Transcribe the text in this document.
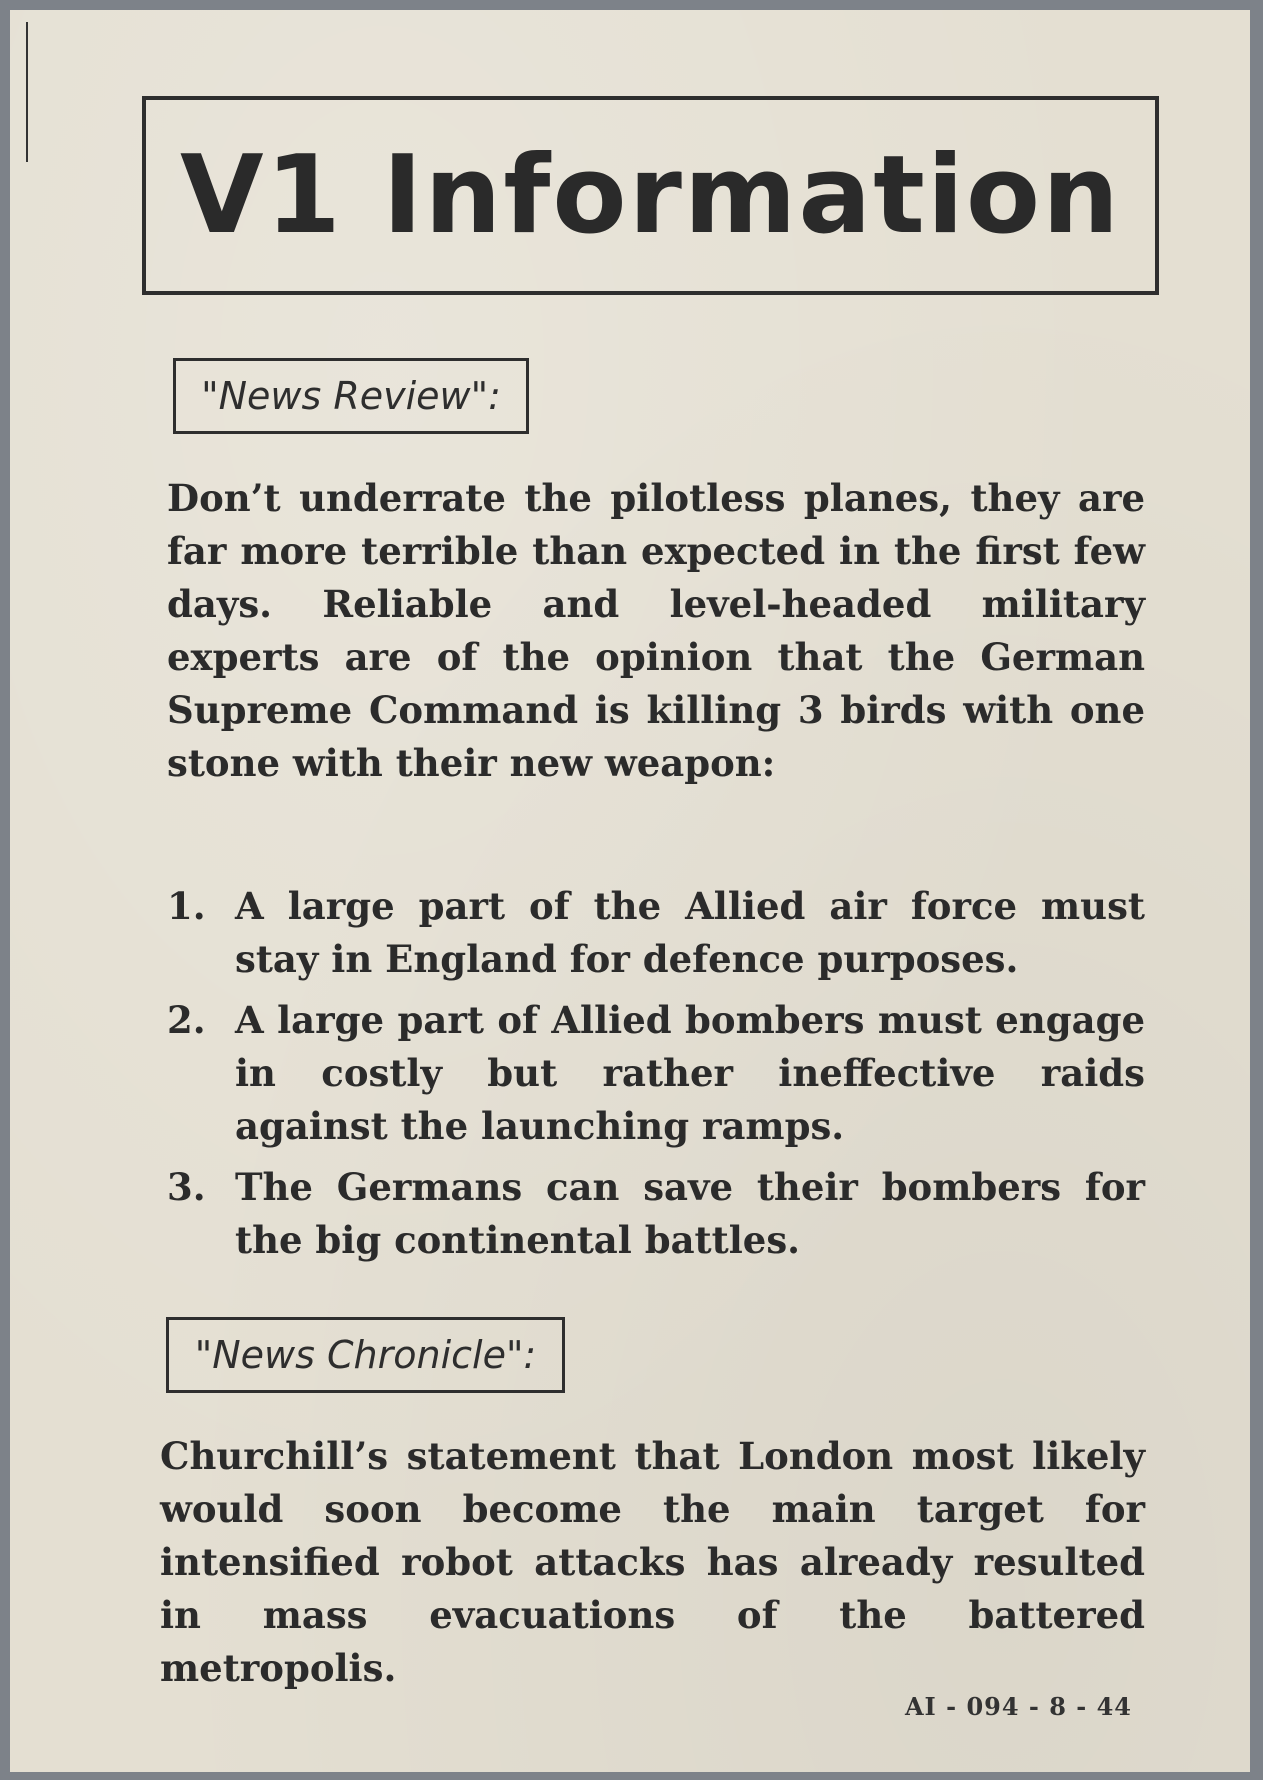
V1 Information
"News Review":

Don’t underrate the pilotless planes, they are far more terrible than expected in the first few days. Reliable and level-headed military experts are of the opinion that the German Supreme Command is killing 3 birds with one stone with their new weapon:

1. A large part of the Allied air force must stay in England for defence purposes.
2. A large part of Allied bombers must engage in costly but rather ineffective raids against the launching ramps.
3. The Germans can save their bombers for the big continental battles.
"News Chronicle":

Churchill’s statement that London most likely would soon become the main target for intensified robot attacks has already resulted in mass evacuations of the battered metropolis.

AI - 094 - 8 - 44
